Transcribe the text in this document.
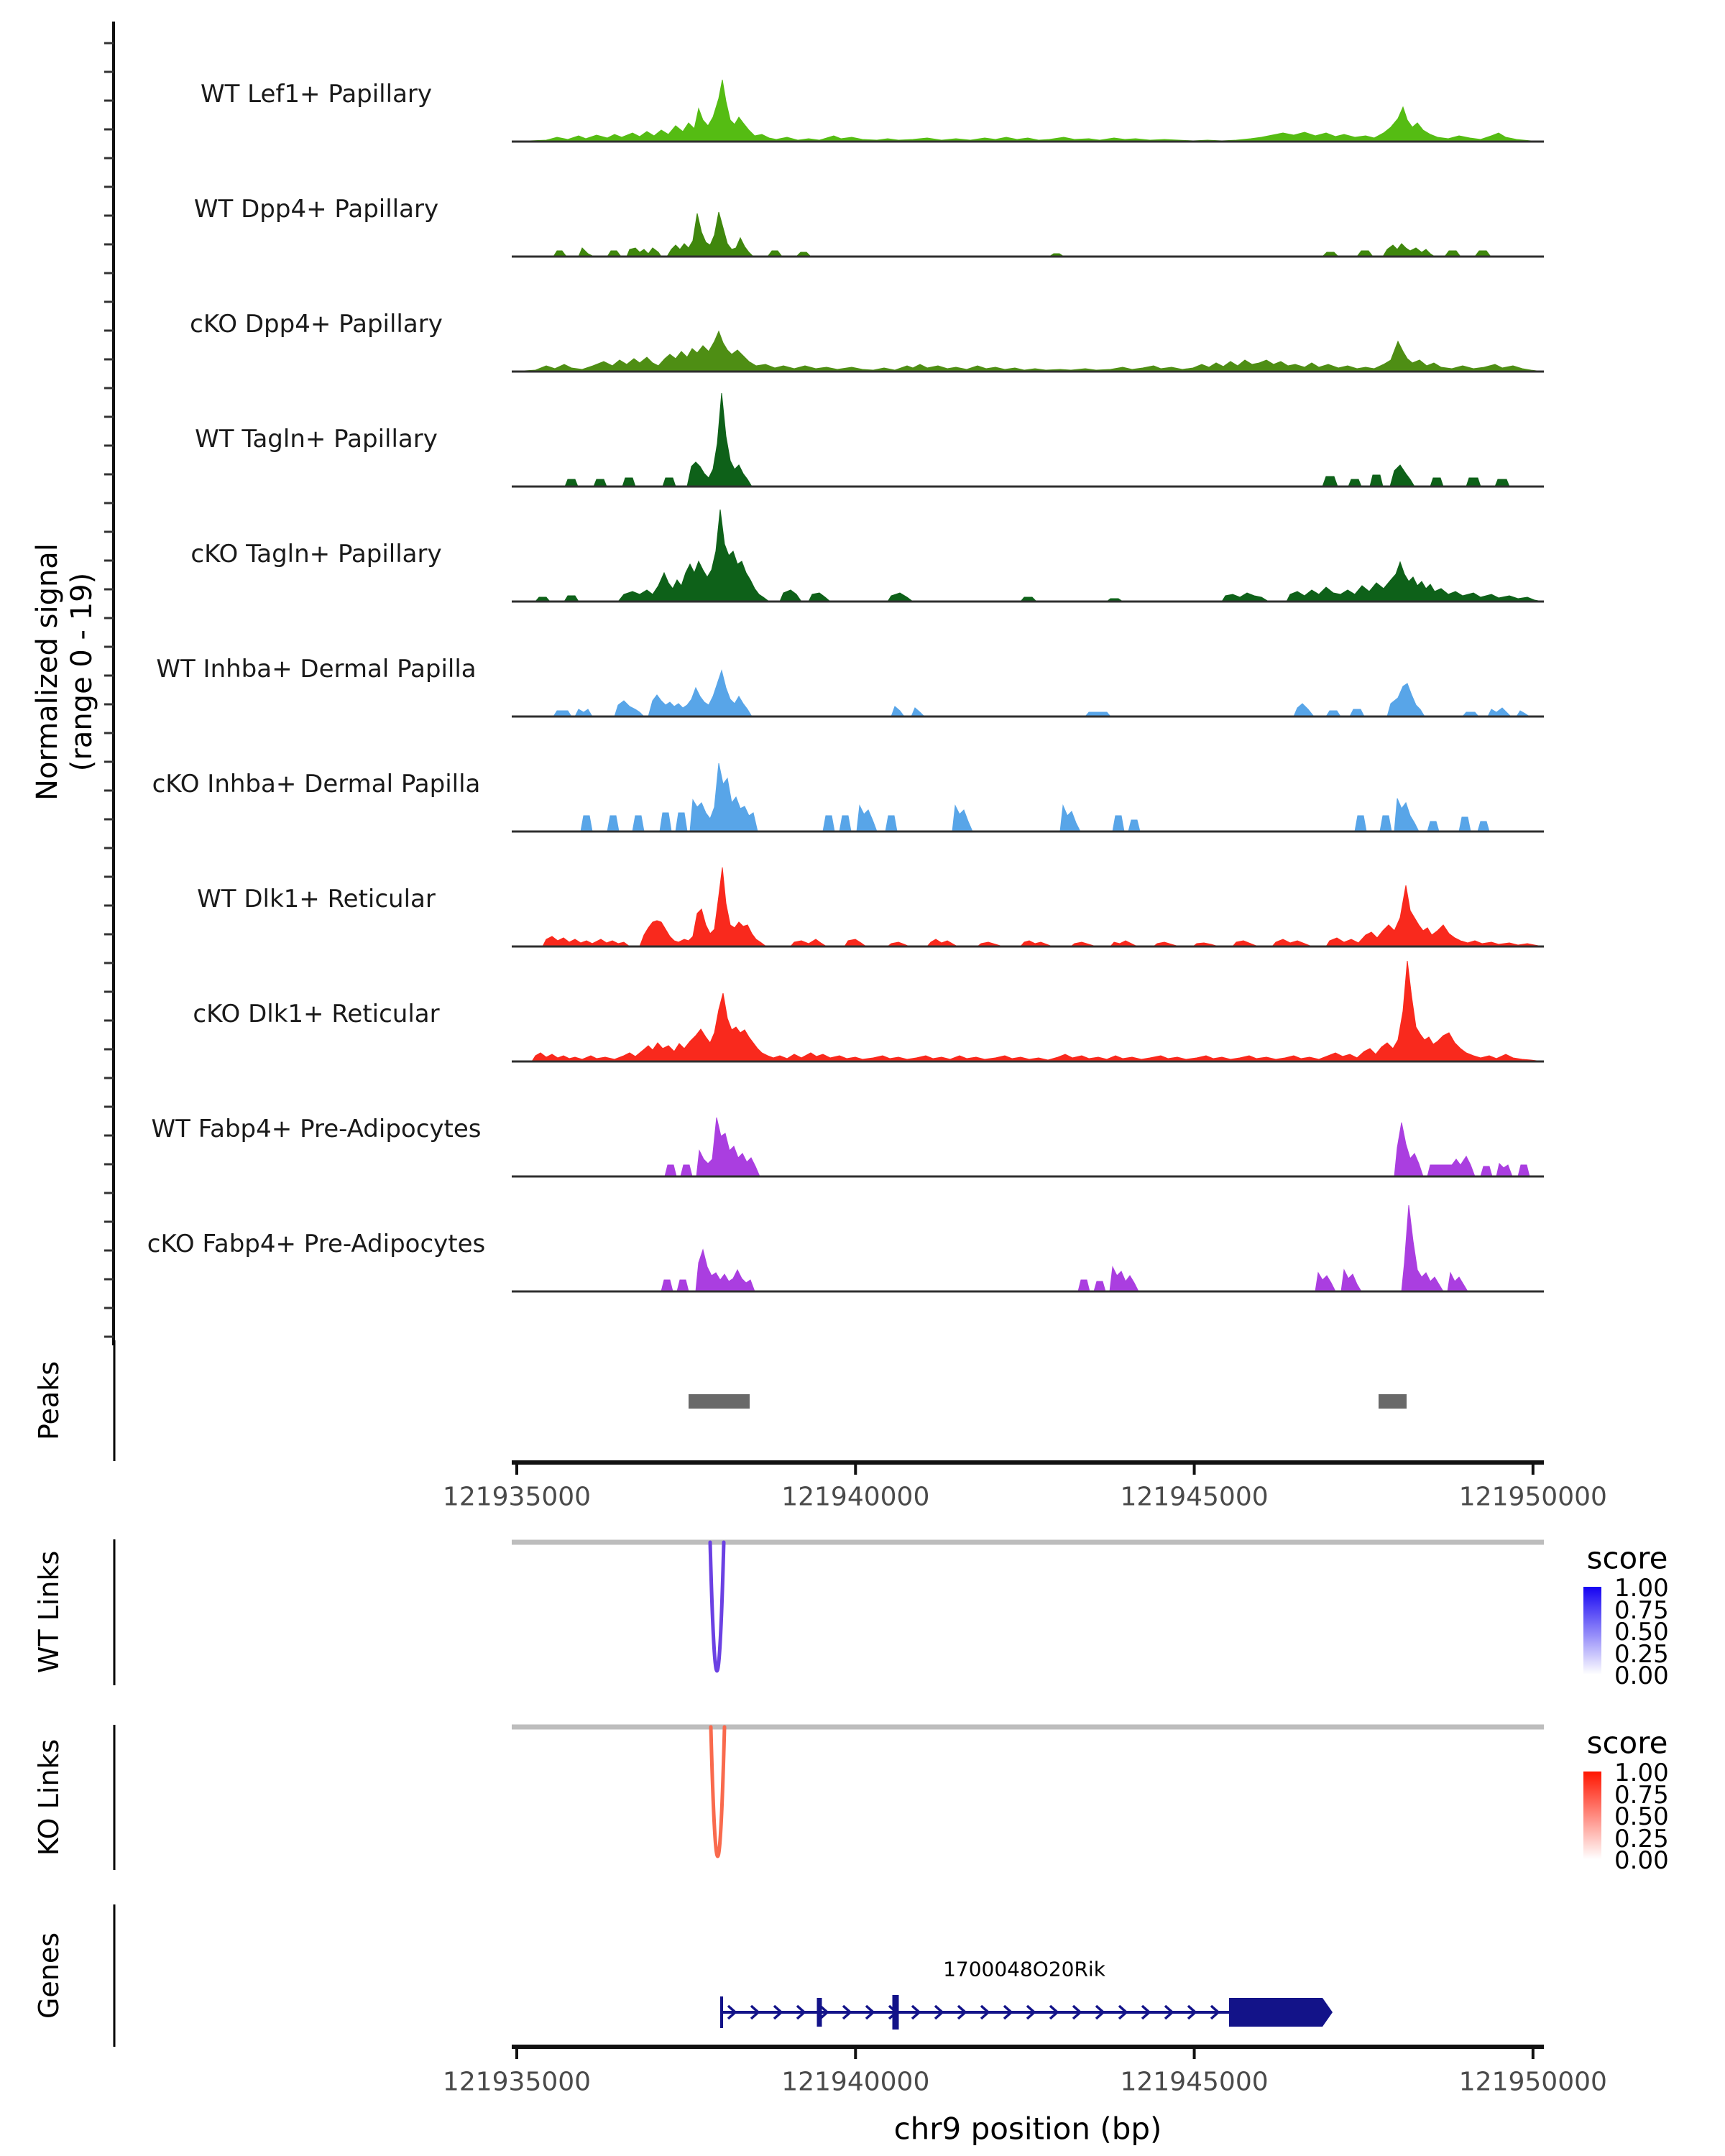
Normalized signal (range 0 - 19)
Peaks
WT Links
KO Links
Genes
WT Lef1+ Papillary
WT Dpp4+ Papillary
cKO Dpp4+ Papillary
WT Tagln+ Papillary
cKO Tagln+ Papillary
WT Inhba+ Dermal Papilla
cKO Inhba+ Dermal Papilla
WT Dlk1+ Reticular
cKO Dlk1+ Reticular
WT Fabp4+ Pre-Adipocytes
cKO Fabp4+ Pre-Adipocytes
121935000	121940000	121945000	121950000
121935000	121940000	121945000	121950000
score
1.00
0.75
0.50
0.25
0.00
score
1.00
0.75
0.50
0.25
0.00
1700048O20Rik
chr9 position (bp)
